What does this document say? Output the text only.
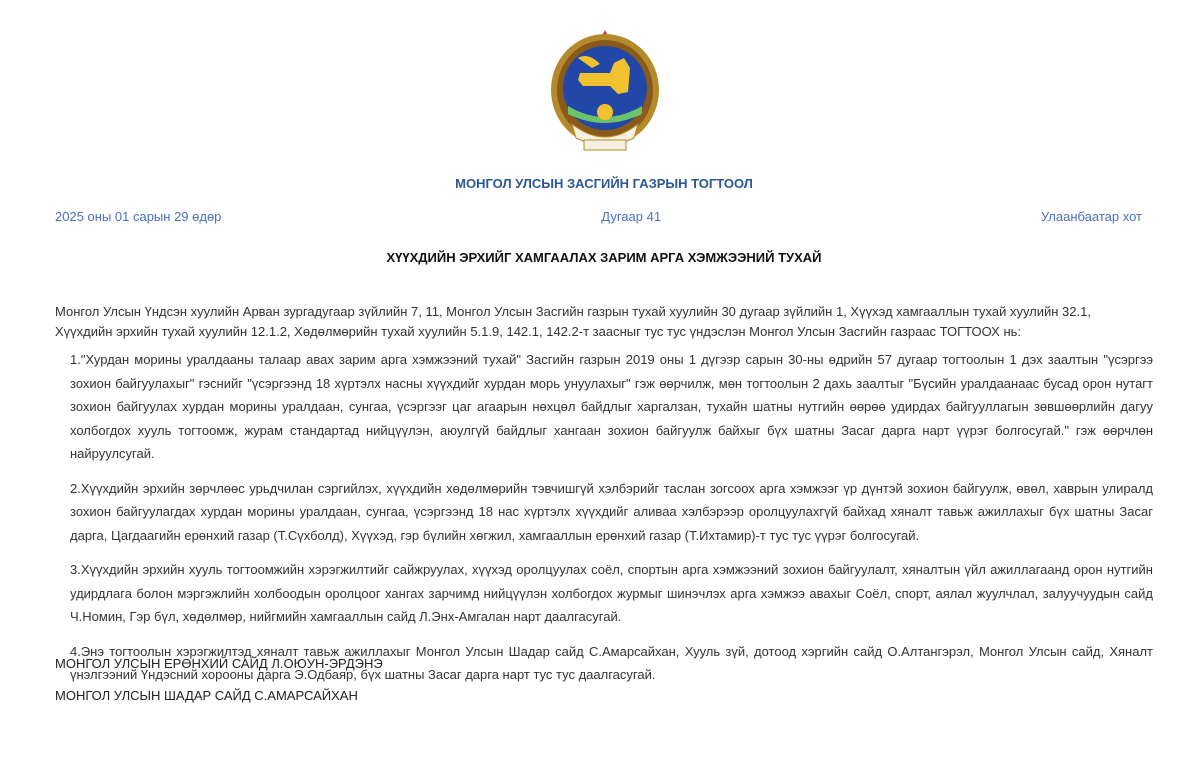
МОНГОЛ УЛСЫН ЗАСГИЙН ГАЗРЫН ТОГТООЛ
2025 оны 01 сарын 29 өдөр	Дугаар 41	Улаанбаатар хот
ХҮҮХДИЙН ЭРХИЙГ ХАМГААЛАХ ЗАРИМ АРГА ХЭМЖЭЭНИЙ ТУХАЙ
Монгол Улсын Үндсэн хуулийн Арван зургадугаар зүйлийн 7, 11, Монгол Улсын Засгийн газрын тухай хуулийн 30 дугаар зүйлийн 1, Хүүхэд хамгааллын тухай хуулийн 32.1, Хүүхдийн эрхийн тухай хуулийн 12.1.2, Хөдөлмөрийн тухай хуулийн 5.1.9, 142.1, 142.2-т заасныг тус тус үндэслэн Монгол Улсын Засгийн газраас ТОГТООХ нь:

1."Хурдан морины уралдааны талаар авах зарим арга хэмжээний тухай" Засгийн газрын 2019 оны 1 дүгээр сарын 30-ны өдрийн 57 дугаар тогтоолын 1 дэх заалтын "үсэргээ зохион байгуулахыг" гэснийг "үсэргээнд 18 хүртэлх насны хүүхдийг хурдан морь унуулахыг" гэж өөрчилж, мөн тогтоолын 2 дахь заалтыг "Бүсийн уралдаанаас бусад орон нутагт зохион байгуулах хурдан морины уралдаан, сунгаа, үсэргээг цаг агаарын нөхцөл байдлыг харгалзан, тухайн шатны нутгийн өөрөө удирдах байгууллагын зөвшөөрлийн дагуу холбогдох хууль тогтоомж, журам стандартад нийцүүлэн, аюулгүй байдлыг хангаан зохион байгуулж байхыг бүх шатны Засаг дарга нарт үүрэг болгосугай." гэж өөрчлөн найруулсугай.

2.Хүүхдийн эрхийн зөрчлөөс урьдчилан сэргийлэх, хүүхдийн хөдөлмөрийн тэвчишгүй хэлбэрийг таслан зогсоох арга хэмжээг үр дүнтэй зохион байгуулж, өвөл, хаврын улиралд зохион байгуулагдах хурдан морины уралдаан, сунгаа, үсэргээнд 18 нас хүртэлх хүүхдийг аливаа хэлбэрээр оролцуулахгүй байхад хяналт тавьж ажиллахыг бүх шатны Засаг дарга, Цагдаагийн ерөнхий газар (Т.Сүхболд), Хүүхэд, гэр бүлийн хөгжил, хамгааллын ерөнхий газар (Т.Ихтамир)-т тус тус үүрэг болгосугай.

3.Хүүхдийн эрхийн хууль тогтоомжийн хэрэгжилтийг сайжруулах, хүүхэд оролцуулах соёл, спортын арга хэмжээний зохион байгуулалт, хяналтын үйл ажиллагаанд орон нутгийн удирдлага болон мэргэжлийн холбоодын оролцоог хангах зарчимд нийцүүлэн холбогдох журмыг шинэчлэх арга хэмжээ авахыг Соёл, спорт, аялал жуулчлал, залуучуудын сайд Ч.Номин, Гэр бүл, хөдөлмөр, нийгмийн хамгааллын сайд Л.Энх-Амгалан нарт даалгасугай.

4.Энэ тогтоолын хэрэгжилтэд хяналт тавьж ажиллахыг Монгол Улсын Шадар сайд С.Амарсайхан, Хууль зүй, дотоод хэргийн сайд О.Алтангэрэл, Монгол Улсын сайд, Хяналт үнэлгээний Үндэсний хорооны дарга Э.Одбаяр, бүх шатны Засаг дарга нарт тус тус даалгасугай.

МОНГОЛ УЛСЫН ЕРӨНХИЙ САЙД Л.ОЮУН-ЭРДЭНЭ
МОНГОЛ УЛСЫН ШАДАР САЙД С.АМАРСАЙХАН
